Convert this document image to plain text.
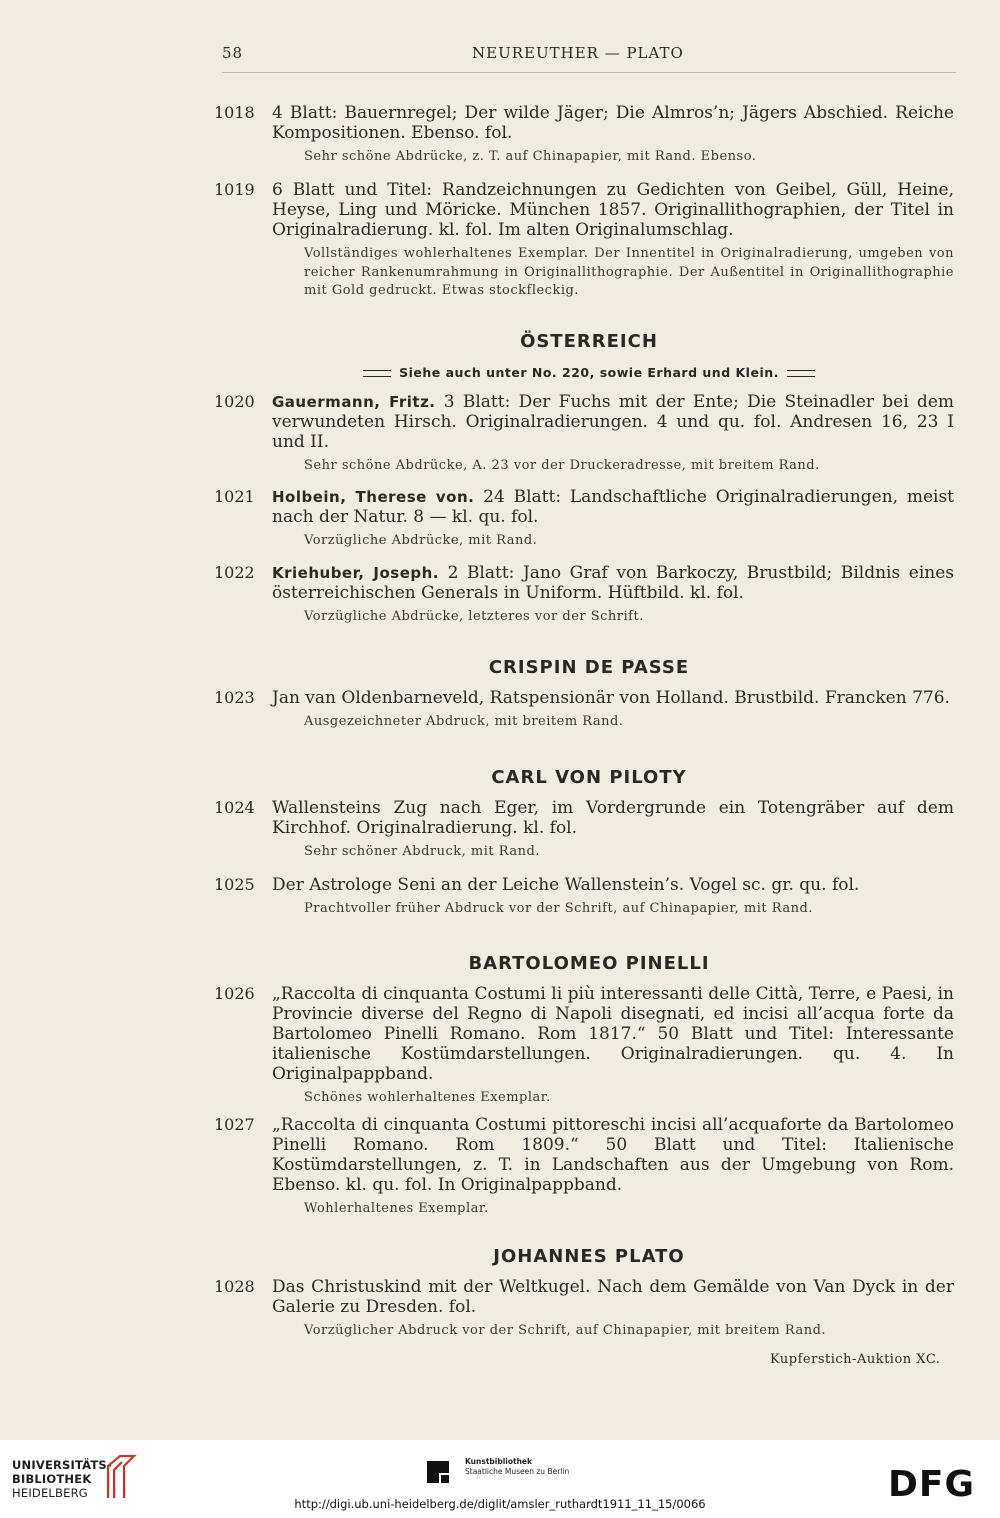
58	NEUREUTHER — PLATO
1018	4 Blatt: Bauernregel; Der wilde Jäger; Die Almros’n; Jägers Abschied. Reiche Kompositionen. Ebenso. fol.
Sehr schöne Abdrücke, z. T. auf Chinapapier, mit Rand. Ebenso.
1019	6 Blatt und Titel: Randzeichnungen zu Gedichten von Geibel, Güll, Heine, Heyse, Ling und Möricke. München 1857. Originallithographien, der Titel in Originalradierung. kl. fol. Im alten Originalumschlag.
Vollständiges wohlerhaltenes Exemplar. Der Innentitel in Originalradierung, umgeben von reicher Rankenumrahmung in Originallithographie. Der Außentitel in Originallithographie mit Gold gedruckt. Etwas stockfleckig.
ÖSTERREICH
Siehe auch unter No. 220, sowie Erhard und Klein.
1020	Gauermann, Fritz. 3 Blatt: Der Fuchs mit der Ente; Die Steinadler bei dem verwundeten Hirsch. Originalradierungen. 4 und qu. fol. Andresen 16, 23 I und II.
Sehr schöne Abdrücke, A. 23 vor der Druckeradresse, mit breitem Rand.
1021	Holbein, Therese von. 24 Blatt: Landschaftliche Originalradierungen, meist nach der Natur. 8 — kl. qu. fol.
Vorzügliche Abdrücke, mit Rand.
1022	Kriehuber, Joseph. 2 Blatt: Jano Graf von Barkoczy, Brustbild; Bildnis eines österreichischen Generals in Uniform. Hüftbild. kl. fol.
Vorzügliche Abdrücke, letzteres vor der Schrift.
CRISPIN DE PASSE
1023	Jan van Oldenbarneveld, Ratspensionär von Holland. Brustbild. Francken 776.
Ausgezeichneter Abdruck, mit breitem Rand.
CARL VON PILOTY
1024	Wallensteins Zug nach Eger, im Vordergrunde ein Totengräber auf dem Kirchhof. Originalradierung. kl. fol.
Sehr schöner Abdruck, mit Rand.
1025	Der Astrologe Seni an der Leiche Wallenstein’s. Vogel sc. gr. qu. fol.
Prachtvoller früher Abdruck vor der Schrift, auf Chinapapier, mit Rand.
BARTOLOMEO PINELLI
1026	„Raccolta di cinquanta Costumi li più interessanti delle Città, Terre, e Paesi, in Provincie diverse del Regno di Napoli disegnati, ed incisi all’acqua forte da Bartolomeo Pinelli Romano. Rom 1817.“ 50 Blatt und Titel: Interessante italienische Kostümdarstellungen. Originalradierungen. qu. 4. In Originalpappband.
Schönes wohlerhaltenes Exemplar.
1027	„Raccolta di cinquanta Costumi pittoreschi incisi all’acquaforte da Bartolomeo Pinelli Romano. Rom 1809.“ 50 Blatt und Titel: Italienische Kostümdarstellungen, z. T. in Landschaften aus der Umgebung von Rom. Ebenso. kl. qu. fol. In Originalpappband.
Wohlerhaltenes Exemplar.
JOHANNES PLATO
1028	Das Christuskind mit der Weltkugel. Nach dem Gemälde von Van Dyck in der Galerie zu Dresden. fol.
Vorzüglicher Abdruck vor der Schrift, auf Chinapapier, mit breitem Rand.
Kupferstich-Auktion XC.
UNIVERSITÄTS-
BIBLIOTHEK
HEIDELBERG
Kunstbibliothek
Staatliche Museen zu Berlin	DFG
http://digi.ub.uni-heidelberg.de/diglit/amsler_ruthardt1911_11_15/0066
